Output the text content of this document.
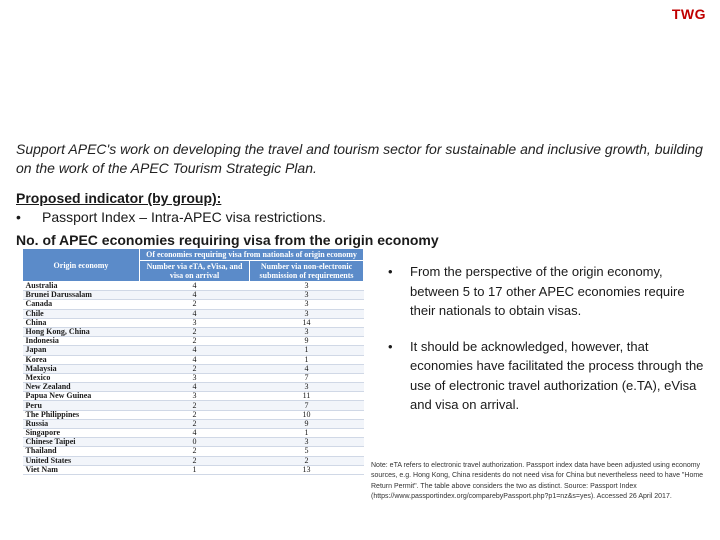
TWG
Support APEC's work on developing the travel and tourism sector for sustainable and inclusive growth, building on the work of the APEC Tourism Strategic Plan.
Proposed indicator (by group):
• Passport Index – Intra-APEC visa restrictions.
No. of APEC economies requiring visa from the origin economy
Origin economy	Of economies requiring visa from nationals of origin economy	
	Number via eTA, eVisa, and visa on arrival	Number via non-electronic submission of requirements
Australia	4	3
Brunei Darussalam	4	3
Canada	2	3
Chile	4	3
China	3	14
Hong Kong, China	2	3
Indonesia	2	9
Japan	4	1
Korea	4	1
Malaysia	2	4
Mexico	3	7
New Zealand	4	3
Papua New Guinea	3	11
Peru	2	7
The Philippines	2	10
Russia	2	9
Singapore	4	1
Chinese Taipei	0	3
Thailand	2	5
United States	2	2
Viet Nam	1	13
• From the perspective of the origin economy, between 5 to 17 other APEC economies require their nationals to obtain visas.
• It should be acknowledged, however, that economies have facilitated the process through the use of electronic travel authorization (e.TA), eVisa and visa on arrival.
Note: eTA refers to electronic travel authorization. Passport index data have been adjusted using economy sources, e.g. Hong Kong, China residents do not need visa for China but nevertheless need to have "Home Return Permit". The table above considers the two as distinct. Source: Passport Index (https://www.passportindex.org/comparebyPassport.php?p1=nz&s=yes). Accessed 26 April 2017.
